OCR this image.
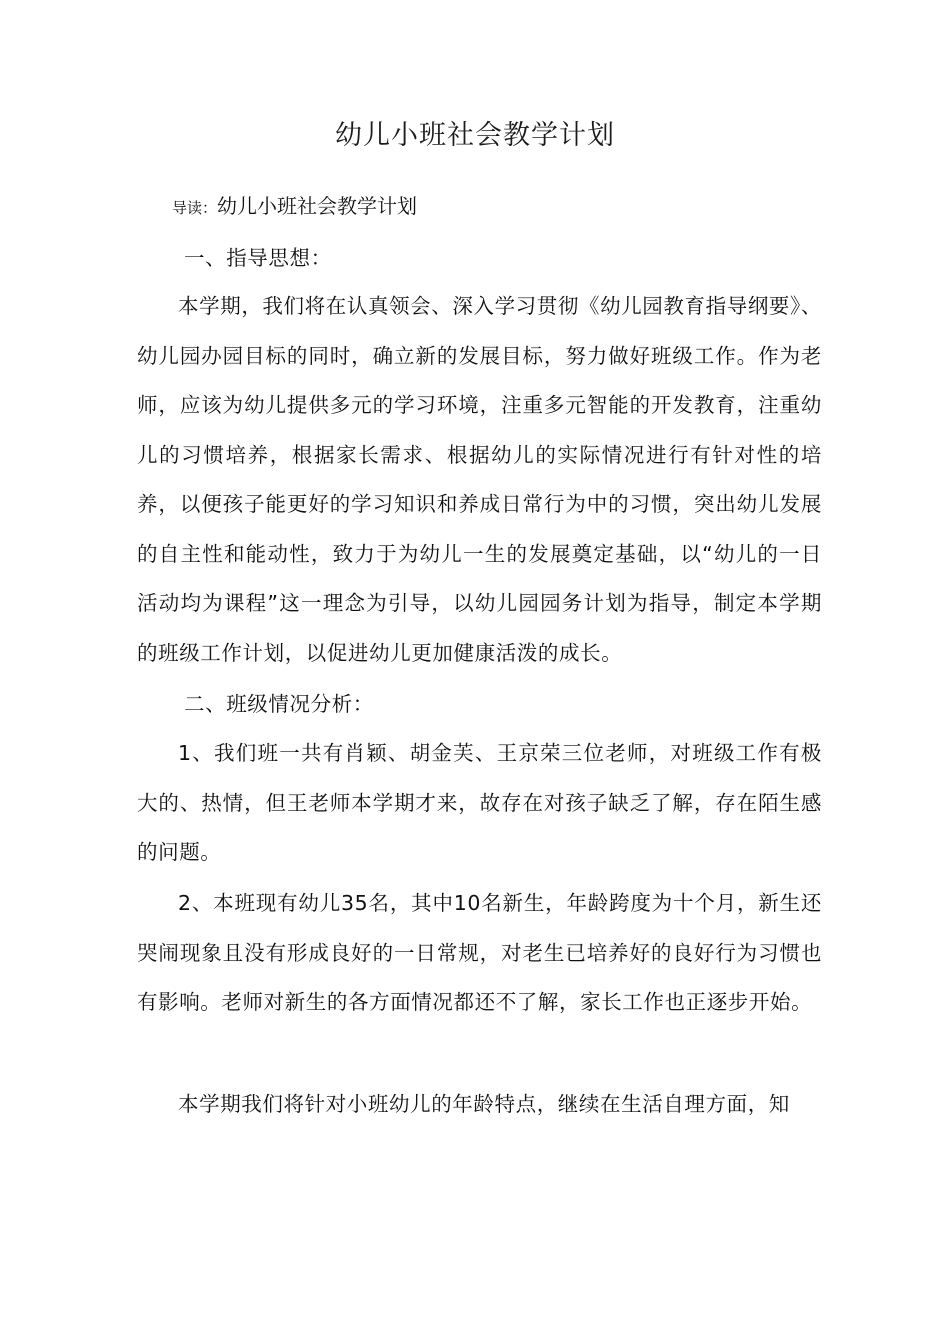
幼儿小班社会教学计划
导读：幼儿小班社会教学计划
一、指导思想：

本学期，我们将在认真领会、深入学习贯彻《幼儿园教育指导纲要》、幼儿园办园目标的同时，确立新的发展目标，努力做好班级工作。作为老师，应该为幼儿提供多元的学习环境，注重多元智能的开发教育，注重幼儿的习惯培养，根据家长需求、根据幼儿的实际情况进行有针对性的培养，以便孩子能更好的学习知识和养成日常行为中的习惯，突出幼儿发展的自主性和能动性，致力于为幼儿一生的发展奠定基础，以“幼儿的一日活动均为课程”这一理念为引导，以幼儿园园务计划为指导，制定本学期的班级工作计划，以促进幼儿更加健康活泼的成长。

二、班级情况分析：

1、我们班一共有肖颖、胡金芙、王京荣三位老师，对班级工作有极大的、热情，但王老师本学期才来，故存在对孩子缺乏了解，存在陌生感的问题。

2、本班现有幼儿35名，其中10名新生，年龄跨度为十个月，新生还哭闹现象且没有形成良好的一日常规，对老生已培养好的良好行为习惯也有影响。老师对新生的各方面情况都还不了解，家长工作也正逐步开始。

本学期我们将针对小班幼儿的年龄特点，继续在生活自理方面，知
